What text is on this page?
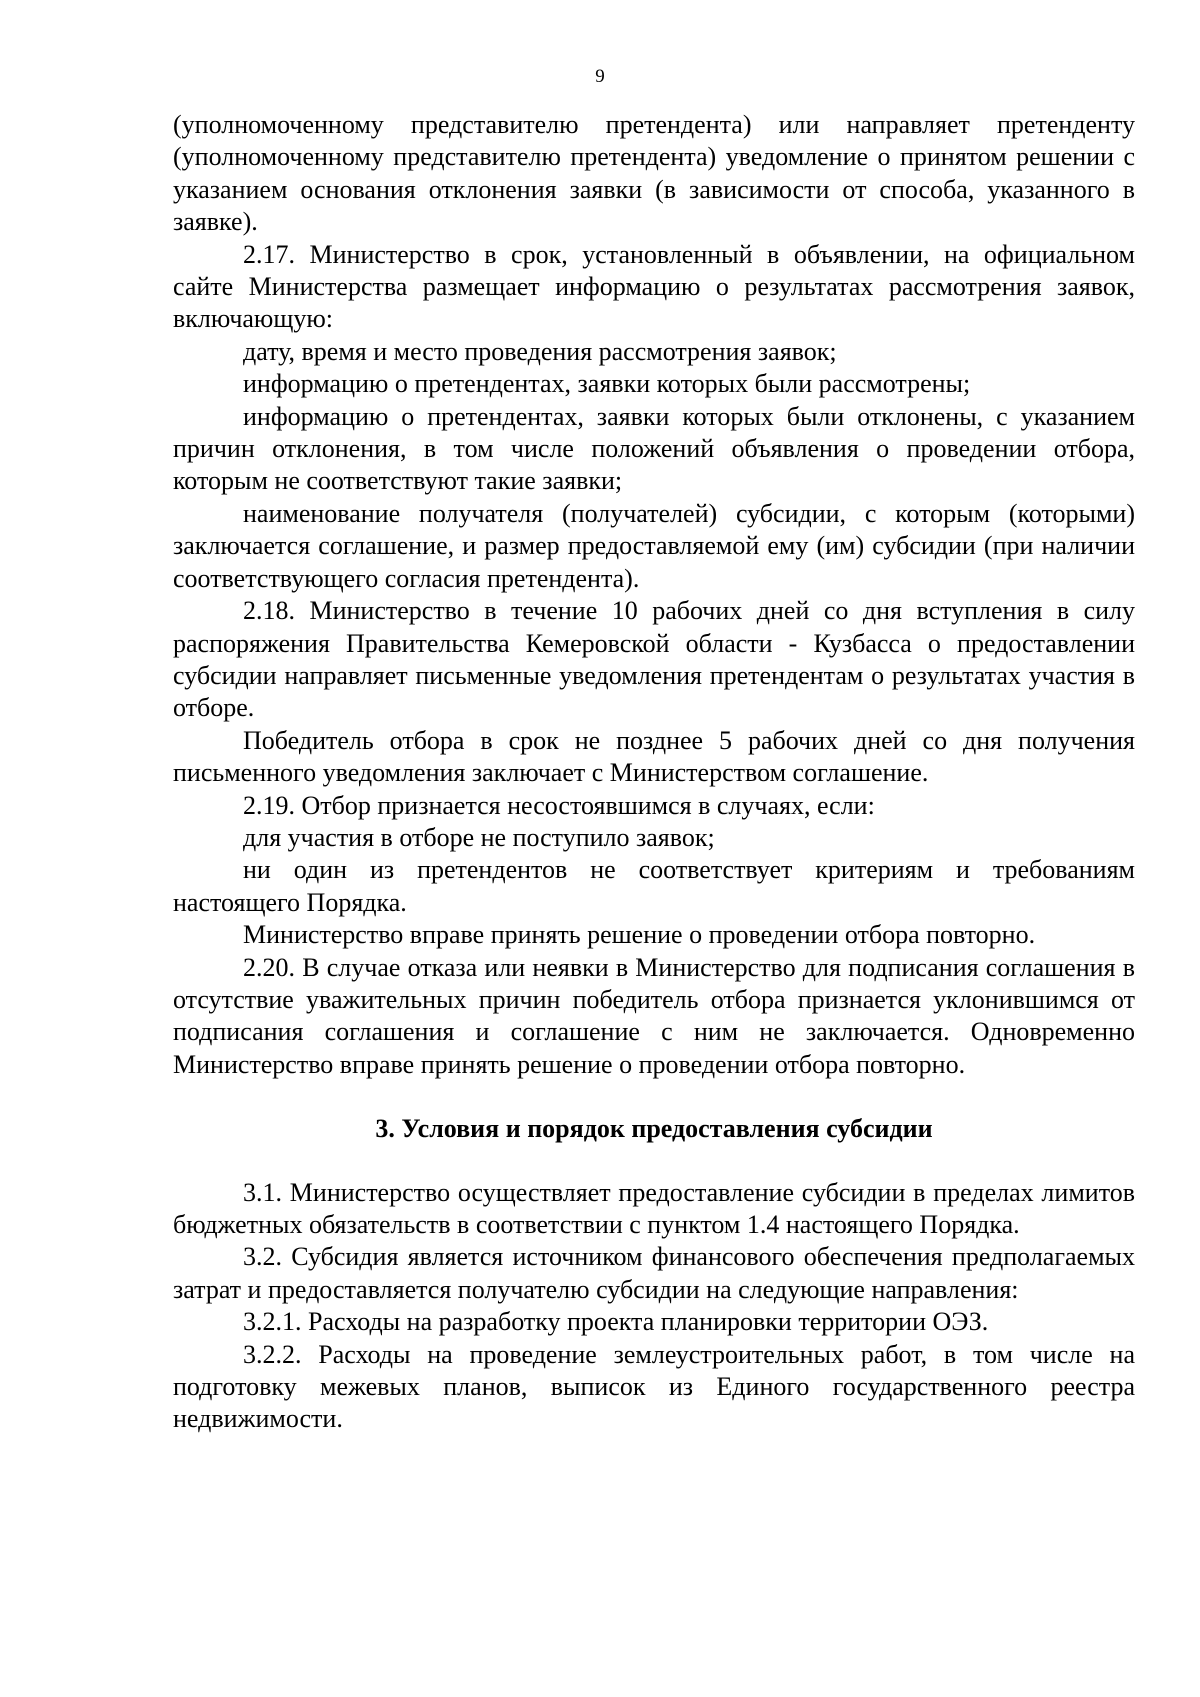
9

(уполномоченному представителю претендента) или направляет претенденту (уполномоченному представителю претендента) уведомление о принятом решении с указанием основания отклонения заявки (в зависимости от способа, указанного в заявке).

2.17. Министерство в срок, установленный в объявлении, на официальном сайте Министерства размещает информацию о результатах рассмотрения заявок, включающую:

дату, время и место проведения рассмотрения заявок;

информацию о претендентах, заявки которых были рассмотрены;

информацию о претендентах, заявки которых были отклонены, с указанием причин отклонения, в том числе положений объявления о проведении отбора, которым не соответствуют такие заявки;

наименование получателя (получателей) субсидии, с которым (которыми) заключается соглашение, и размер предоставляемой ему (им) субсидии (при наличии соответствующего согласия претендента).

2.18. Министерство в течение 10 рабочих дней со дня вступления в силу распоряжения Правительства Кемеровской области - Кузбасса о предоставлении субсидии направляет письменные уведомления претендентам о результатах участия в отборе.

Победитель отбора в срок не позднее 5 рабочих дней со дня получения письменного уведомления заключает с Министерством соглашение.

2.19. Отбор признается несостоявшимся в случаях, если:

для участия в отборе не поступило заявок;

ни один из претендентов не соответствует критериям и требованиям настоящего Порядка.

Министерство вправе принять решение о проведении отбора повторно.

2.20. В случае отказа или неявки в Министерство для подписания соглашения в отсутствие уважительных причин победитель отбора признается уклонившимся от подписания соглашения и соглашение с ним не заключается. Одновременно Министерство вправе принять решение о проведении отбора повторно.

3. Условия и порядок предоставления субсидии

3.1. Министерство осуществляет предоставление субсидии в пределах лимитов бюджетных обязательств в соответствии с пунктом 1.4 настоящего Порядка.

3.2. Субсидия является источником финансового обеспечения предполагаемых затрат и предоставляется получателю субсидии на следующие направления:

3.2.1. Расходы на разработку проекта планировки территории ОЭЗ.

3.2.2. Расходы на проведение землеустроительных работ, в том числе на подготовку межевых планов, выписок из Единого государственного реестра недвижимости.
